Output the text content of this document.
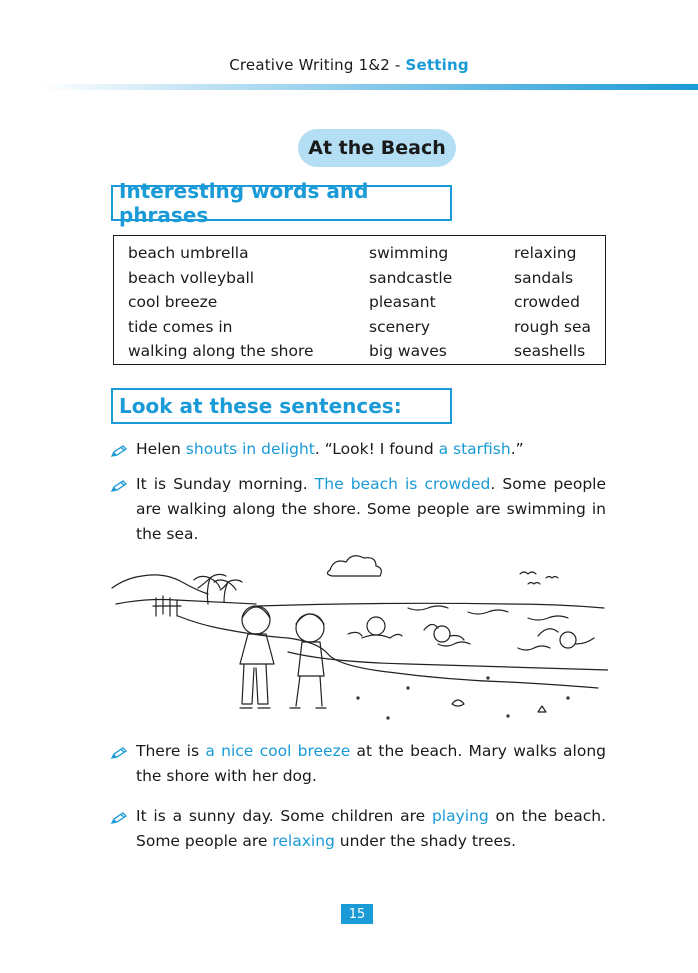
Creative Writing 1&2 - Setting
At the Beach
Interesting words and phrases
beach umbrella
beach volleyball
cool breeze
tide comes in
walking along the shore
swimming
sandcastle
pleasant
scenery
big waves
relaxing
sandals
crowded
rough sea
seashells
Look at these sentences:
Helen shouts in delight. “Look! I found a starfish.”
It is Sunday morning. The beach is crowded. Some people are walking along the shore. Some people are swimming in the sea.
There is a nice cool breeze at the beach. Mary walks along the shore with her dog.
It is a sunny day. Some children are playing on the beach. Some people are relaxing under the shady trees.
15
